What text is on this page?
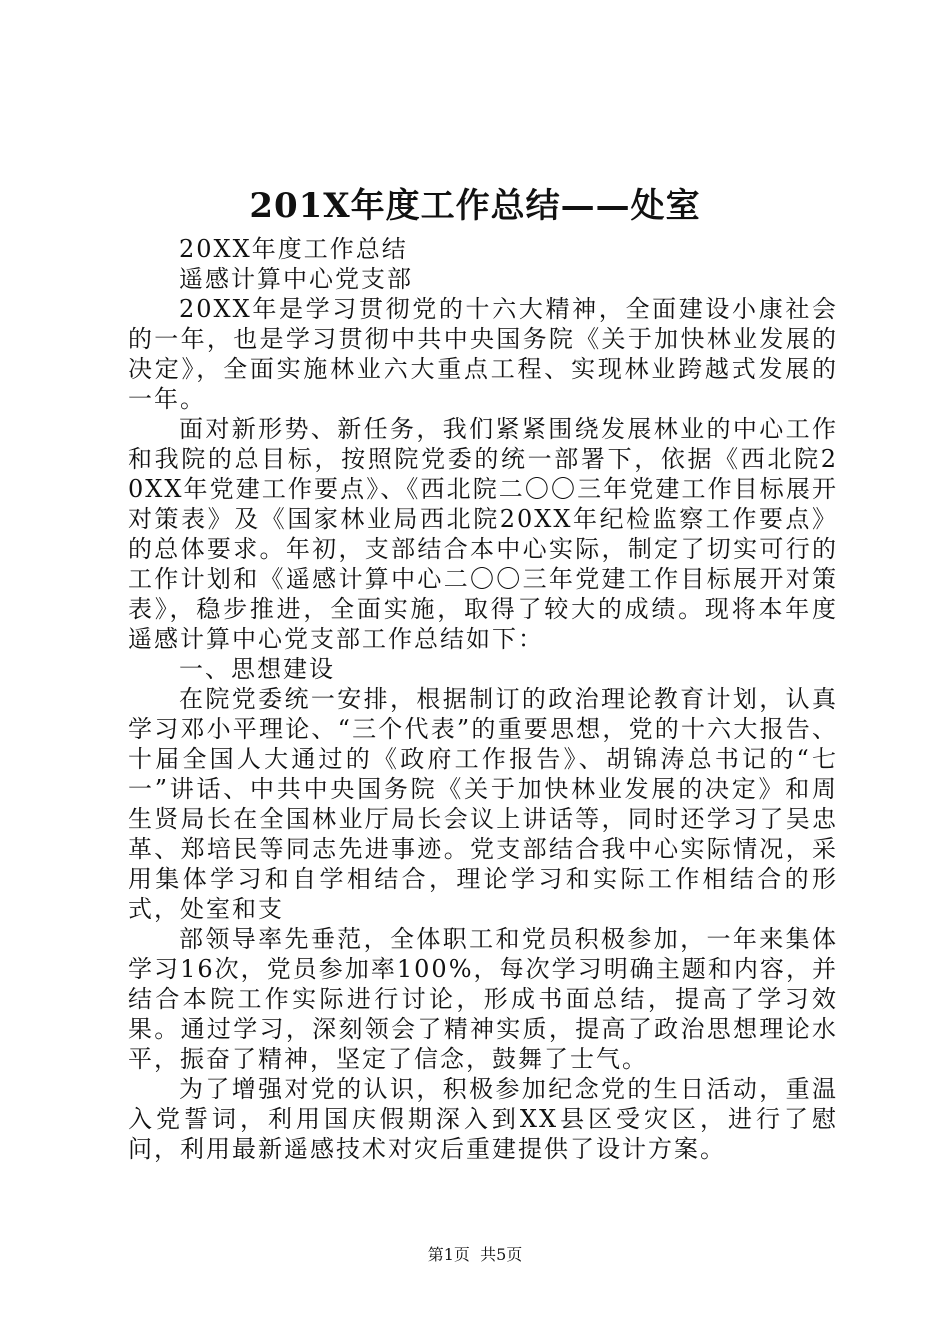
201X年度工作总结——处室

20XX年度工作总结

遥感计算中心党支部

20XX年是学习贯彻党的十六大精神，全面建设小康社会的一年，也是学习贯彻中共中央国务院《关于加快林业发展的决定》，全面实施林业六大重点工程、实现林业跨越式发展的一年。

面对新形势、新任务，我们紧紧围绕发展林业的中心工作和我院的总目标，按照院党委的统一部署下，依据《西北院20XX年党建工作要点》、《西北院二〇〇三年党建工作目标展开对策表》及《国家林业局西北院20XX年纪检监察工作要点》的总体要求。年初，支部结合本中心实际，制定了切实可行的工作计划和《遥感计算中心二〇〇三年党建工作目标展开对策表》，稳步推进，全面实施，取得了较大的成绩。现将本年度遥感计算中心党支部工作总结如下：

一、思想建设

在院党委统一安排，根据制订的政治理论教育计划，认真学习邓小平理论、“三个代表”的重要思想，党的十六大报告、十届全国人大通过的《政府工作报告》、胡锦涛总书记的“七一”讲话、中共中央国务院《关于加快林业发展的决定》和周生贤局长在全国林业厅局长会议上讲话等，同时还学习了吴忠革、郑培民等同志先进事迹。党支部结合我中心实际情况，采用集体学习和自学相结合，理论学习和实际工作相结合的形式，处室和支

部领导率先垂范，全体职工和党员积极参加，一年来集体学习16次，党员参加率100%，每次学习明确主题和内容，并结合本院工作实际进行讨论，形成书面总结，提高了学习效果。通过学习，深刻领会了精神实质，提高了政治思想理论水平，振奋了精神，坚定了信念，鼓舞了士气。

为了增强对党的认识，积极参加纪念党的生日活动，重温入党誓词，利用国庆假期深入到XX县区受灾区，进行了慰问，利用最新遥感技术对灾后重建提供了设计方案。

第1页 共5页
